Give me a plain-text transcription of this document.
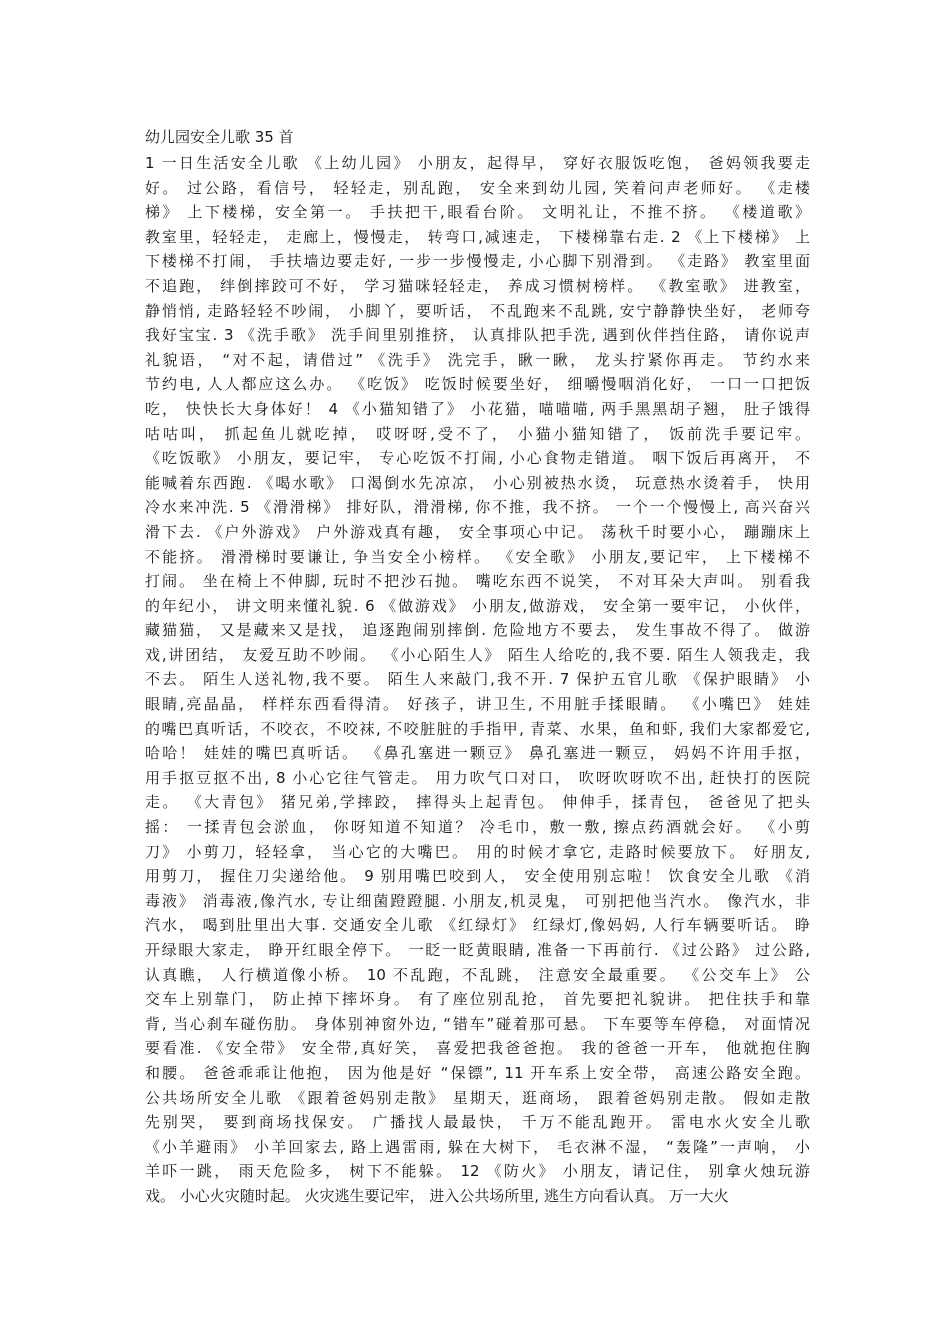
幼儿园安全儿歌 35 首
1 一日生活安全儿歌 《上幼儿园》 小朋友，起得早， 穿好衣服饭吃饱， 爸妈领我要走
好。 过公路，看信号， 轻轻走，别乱跑， 安全来到幼儿园, 笑着问声老师好。 《走楼
梯》 上下楼梯，安全第一。 手扶把干,眼看台阶。 文明礼让，不推不挤。 《楼道歌》
教室里，轻轻走， 走廊上，慢慢走， 转弯口,减速走， 下楼梯靠右走. 2 《上下楼梯》 上
下楼梯不打闹， 手扶墙边要走好, 一步一步慢慢走, 小心脚下别滑到。 《走路》 教室里面
不追跑， 绊倒摔跤可不好， 学习猫咪轻轻走， 养成习惯树榜样。 《教室歌》 进教室，
静悄悄, 走路轻轻不吵闹， 小脚丫，要听话， 不乱跑来不乱跳, 安宁静静快坐好， 老师夸
我好宝宝. 3 《洗手歌》 洗手间里别推挤， 认真排队把手洗, 遇到伙伴挡住路， 请你说声
礼貌语， “对不起，请借过” 《洗手》 洗完手，瞅一瞅， 龙头拧紧你再走。 节约水来
节约电, 人人都应这么办。 《吃饭》 吃饭时候要坐好， 细嚼慢咽消化好， 一口一口把饭
吃， 快快长大身体好！ 4 《小猫知错了》 小花猫，喵喵喵, 两手黑黑胡子翘， 肚子饿得
咕咕叫， 抓起鱼儿就吃掉， 哎呀呀,受不了， 小猫小猫知错了， 饭前洗手要记牢。
《吃饭歌》 小朋友，要记牢， 专心吃饭不打闹, 小心食物走错道。 咽下饭后再离开， 不
能喊着东西跑. 《喝水歌》 口渴倒水先凉凉， 小心别被热水烫， 玩意热水烫着手， 快用
冷水来冲洗. 5 《滑滑梯》 排好队，滑滑梯, 你不推，我不挤。 一个一个慢慢上, 高兴奋兴
滑下去. 《户外游戏》 户外游戏真有趣， 安全事项心中记。 荡秋千时要小心， 蹦蹦床上
不能挤。 滑滑梯时要谦让, 争当安全小榜样。 《安全歌》 小朋友,要记牢， 上下楼梯不
打闹。 坐在椅上不伸脚, 玩时不把沙石抛。 嘴吃东西不说笑， 不对耳朵大声叫。 别看我
的年纪小， 讲文明来懂礼貌. 6 《做游戏》 小朋友,做游戏， 安全第一要牢记， 小伙伴，
藏猫猫， 又是藏来又是找， 追逐跑闹别摔倒. 危险地方不要去， 发生事故不得了。 做游
戏,讲团结， 友爱互助不吵闹。 《小心陌生人》 陌生人给吃的,我不要. 陌生人领我走，我
不去。 陌生人送礼物,我不要。 陌生人来敲门,我不开. 7 保护五官儿歌 《保护眼睛》 小
眼睛,亮晶晶， 样样东西看得清。 好孩子，讲卫生, 不用脏手揉眼睛。 《小嘴巴》 娃娃
的嘴巴真听话，不咬衣，不咬袜, 不咬脏脏的手指甲, 青菜、水果，鱼和虾, 我们大家都爱它,
哈哈！ 娃娃的嘴巴真听话。 《鼻孔塞进一颗豆》 鼻孔塞进一颗豆， 妈妈不许用手抠，
用手抠豆抠不出, 8 小心它往气管走。 用力吹气口对口， 吹呀吹呀吹不出, 赶快打的医院
走。 《大青包》 猪兄弟,学摔跤， 摔得头上起青包。 伸伸手，揉青包， 爸爸见了把头
摇： 一揉青包会淤血， 你呀知道不知道？ 冷毛巾，敷一敷, 擦点药酒就会好。 《小剪
刀》 小剪刀，轻轻拿， 当心它的大嘴巴。 用的时候才拿它, 走路时候要放下。 好朋友,
用剪刀， 握住刀尖递给他。 9 别用嘴巴咬到人， 安全使用别忘啦！ 饮食安全儿歌 《消
毒液》 消毒液,像汽水, 专让细菌蹬蹬腿. 小朋友,机灵鬼， 可别把他当汽水。 像汽水，非
汽水， 喝到肚里出大事. 交通安全儿歌 《红绿灯》 红绿灯,像妈妈, 人行车辆要听话。 睁
开绿眼大家走， 睁开红眼全停下。 一眨一眨黄眼睛, 准备一下再前行. 《过公路》 过公路,
认真瞧， 人行横道像小桥。 10 不乱跑，不乱跳， 注意安全最重要。 《公交车上》 公
交车上别靠门， 防止掉下摔坏身。 有了座位别乱抢， 首先要把礼貌讲。 把住扶手和靠
背, 当心刹车碰伤肋。 身体别神窗外边, “错车”碰着那可悬。 下车要等车停稳， 对面情况
要看准. 《安全带》 安全带,真好笑， 喜爱把我爸爸抱。 我的爸爸一开车， 他就抱住胸
和腰。 爸爸乖乖让他抱， 因为他是好 “保镖”, 11 开车系上安全带， 高速公路安全跑。
公共场所安全儿歌 《跟着爸妈别走散》 星期天，逛商场， 跟着爸妈别走散。 假如走散
先别哭， 要到商场找保安。 广播找人最最快， 千万不能乱跑开。 雷电水火安全儿歌
《小羊避雨》 小羊回家去, 路上遇雷雨, 躲在大树下， 毛衣淋不湿， “轰隆”一声响， 小
羊吓一跳， 雨天危险多， 树下不能躲。 12 《防火》 小朋友，请记住， 别拿火烛玩游
戏。 小心火灾随时起。 火灾逃生要记牢， 进入公共场所里, 逃生方向看认真。 万一大火
